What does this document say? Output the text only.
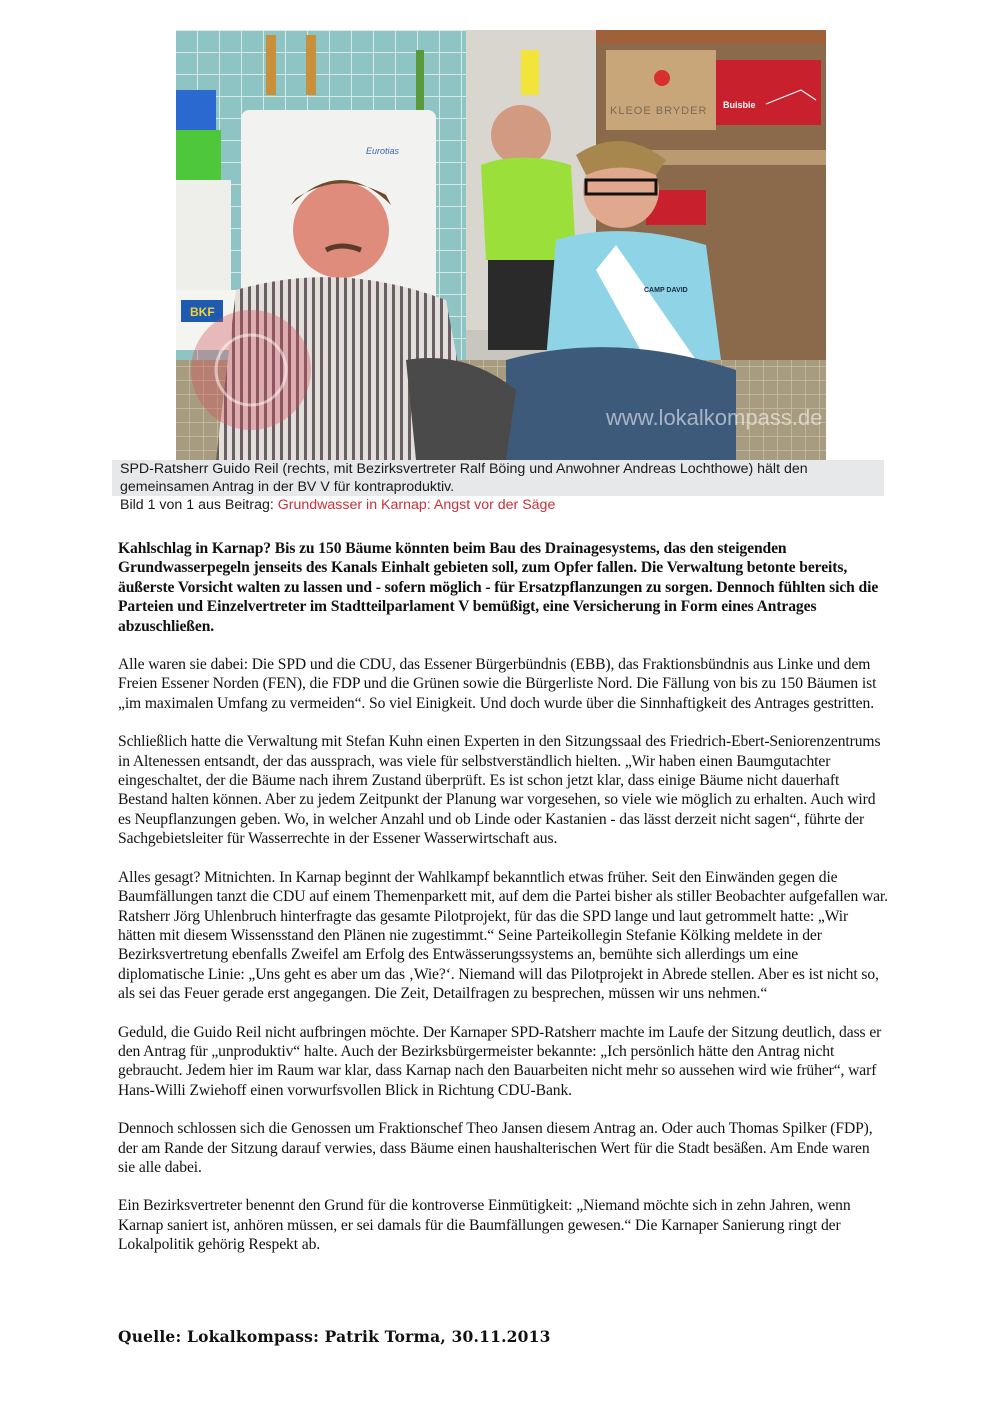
KLEOE BRYDER Buisbie
BKF
Eurotias
CAMP DAVID
www.lokalkompass.de
SPD-Ratsherr Guido Reil (rechts, mit Bezirksvertreter Ralf Böing und Anwohner Andreas Lochthowe) hält den gemeinsamen Antrag in der BV V für kontraproduktiv.
Bild 1 von 1 aus Beitrag: Grundwasser in Karnap: Angst vor der Säge

Kahlschlag in Karnap? Bis zu 150 Bäume könnten beim Bau des Drainagesystems, das den steigenden Grundwasserpegeln jenseits des Kanals Einhalt gebieten soll, zum Opfer fallen. Die Verwaltung betonte bereits, äußerste Vorsicht walten zu lassen und - sofern möglich - für Ersatzpflanzungen zu sorgen. Dennoch fühlten sich die Parteien und Einzelvertreter im Stadtteilparlament V bemüßigt, eine Versicherung in Form eines Antrages abzuschließen.

Alle waren sie dabei: Die SPD und die CDU, das Essener Bürgerbündnis (EBB), das Fraktionsbündnis aus Linke und dem Freien Essener Norden (FEN), die FDP und die Grünen sowie die Bürgerliste Nord. Die Fällung von bis zu 150 Bäumen ist „im maximalen Umfang zu vermeiden“. So viel Einigkeit. Und doch wurde über die Sinnhaftigkeit des Antrages gestritten.

Schließlich hatte die Verwaltung mit Stefan Kuhn einen Experten in den Sitzungssaal des Friedrich-Ebert-Seniorenzentrums in Altenessen entsandt, der das aussprach, was viele für selbstverständlich hielten. „Wir haben einen Baumgutachter eingeschaltet, der die Bäume nach ihrem Zustand überprüft. Es ist schon jetzt klar, dass einige Bäume nicht dauerhaft Bestand halten können. Aber zu jedem Zeitpunkt der Planung war vorgesehen, so viele wie möglich zu erhalten. Auch wird es Neupflanzungen geben. Wo, in welcher Anzahl und ob Linde oder Kastanien - das lässt derzeit nicht sagen“, führte der Sachgebietsleiter für Wasserrechte in der Essener Wasserwirtschaft aus.

Alles gesagt? Mitnichten. In Karnap beginnt der Wahlkampf bekanntlich etwas früher. Seit den Einwänden gegen die Baumfällungen tanzt die CDU auf einem Themenparkett mit, auf dem die Partei bisher als stiller Beobachter aufgefallen war. Ratsherr Jörg Uhlenbruch hinterfragte das gesamte Pilotprojekt, für das die SPD lange und laut getrommelt hatte: „Wir hätten mit diesem Wissensstand den Plänen nie zugestimmt.“ Seine Parteikollegin Stefanie Kölking meldete in der Bezirksvertretung ebenfalls Zweifel am Erfolg des Entwässerungssystems an, bemühte sich allerdings um eine diplomatische Linie: „Uns geht es aber um das ‚Wie?‘. Niemand will das Pilotprojekt in Abrede stellen. Aber es ist nicht so, als sei das Feuer gerade erst angegangen. Die Zeit, Detailfragen zu besprechen, müssen wir uns nehmen.“

Geduld, die Guido Reil nicht aufbringen möchte. Der Karnaper SPD-Ratsherr machte im Laufe der Sitzung deutlich, dass er den Antrag für „unproduktiv“ halte. Auch der Bezirksbürgermeister bekannte: „Ich persönlich hätte den Antrag nicht gebraucht. Jedem hier im Raum war klar, dass Karnap nach den Bauarbeiten nicht mehr so aussehen wird wie früher“, warf Hans-Willi Zwiehoff einen vorwurfsvollen Blick in Richtung CDU-Bank.

Dennoch schlossen sich die Genossen um Fraktionschef Theo Jansen diesem Antrag an. Oder auch Thomas Spilker (FDP), der am Rande der Sitzung darauf verwies, dass Bäume einen haushalterischen Wert für die Stadt besäßen. Am Ende waren sie alle dabei.

Ein Bezirksvertreter benennt den Grund für die kontroverse Einmütigkeit: „Niemand möchte sich in zehn Jahren, wenn Karnap saniert ist, anhören müssen, er sei damals für die Baumfällungen gewesen.“ Die Karnaper Sanierung ringt der Lokalpolitik gehörig Respekt ab.

Quelle: Lokalkompass: Patrik Torma, 30.11.2013
